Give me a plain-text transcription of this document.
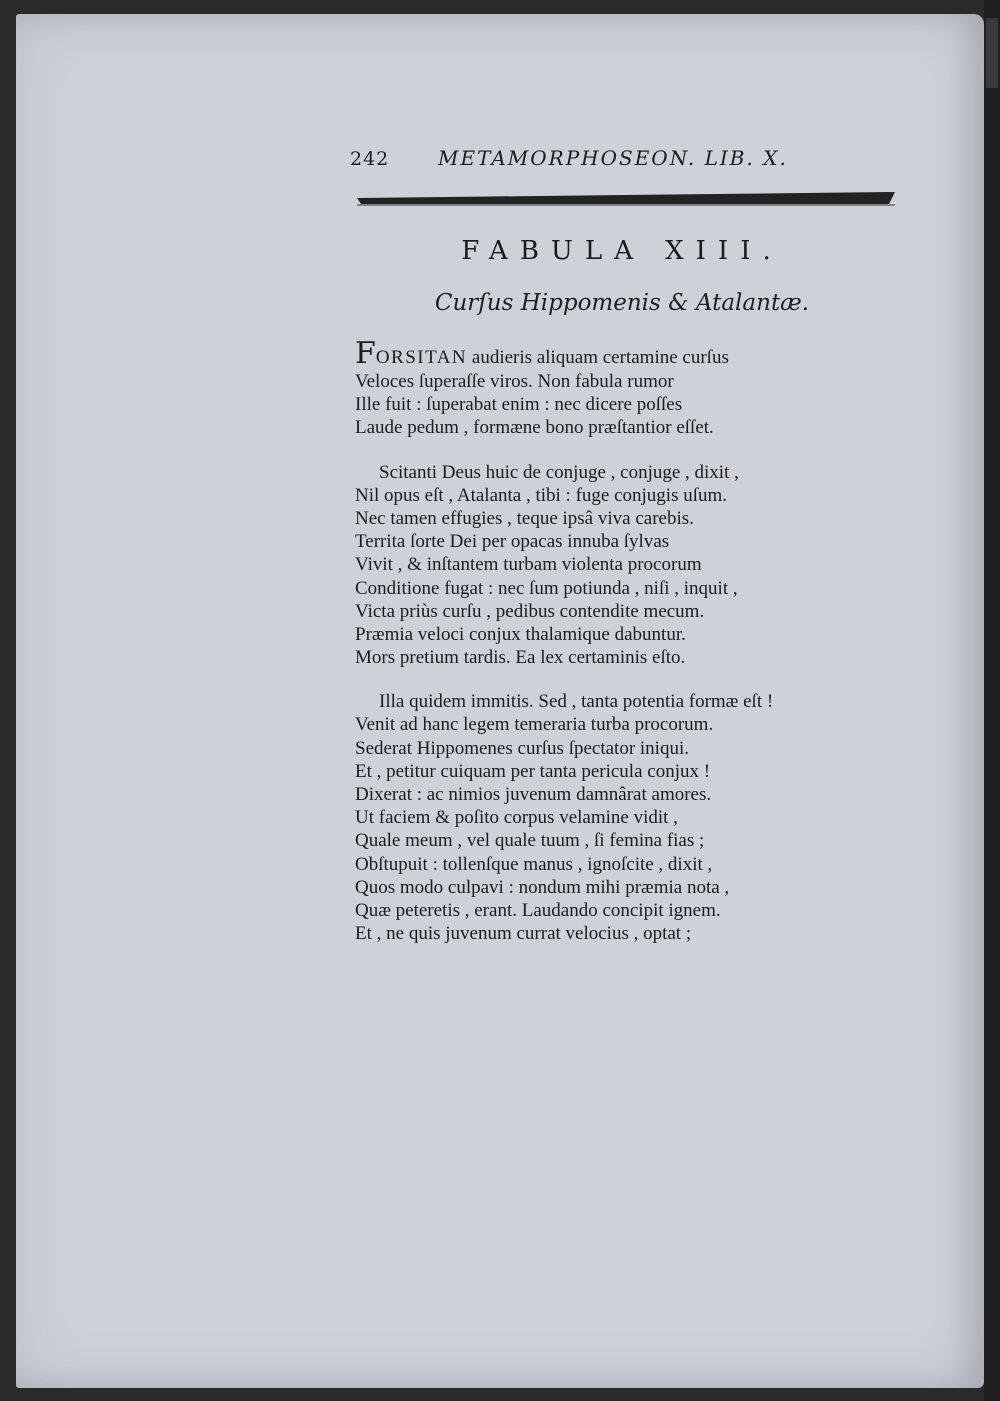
242 METAMORPHOSEON. LIB. X.
FABULA XIII.
Curſus Hippomenis & Atalantæ.
FORSITAN audieris aliquam certamine curſus
Veloces ſuperaſſe viros. Non fabula rumor
Ille fuit : ſuperabat enim : nec dicere poſſes
Laude pedum , formæne bono præſtantior eſſet.
Scitanti Deus huic de conjuge , conjuge , dixit ,
Nil opus eſt , Atalanta , tibi : fuge conjugis uſum.
Nec tamen effugies , teque ipsâ viva carebis.
Territa ſorte Dei per opacas innuba ſylvas
Vivit , & inſtantem turbam violenta procorum
Conditione fugat : nec ſum potiunda , niſi , inquit ,
Victa priùs curſu , pedibus contendite mecum.
Præmia veloci conjux thalamique dabuntur.
Mors pretium tardis. Ea lex certaminis eſto.
Illa quidem immitis. Sed , tanta potentia formæ eſt !
Venit ad hanc legem temeraria turba procorum.
Sederat Hippomenes curſus ſpectator iniqui.
Et , petitur cuiquam per tanta pericula conjux !
Dixerat : ac nimios juvenum damnârat amores.
Ut faciem & poſito corpus velamine vidit ,
Quale meum , vel quale tuum , ſi femina fias ;
Obſtupuit : tollenſque manus , ignoſcite , dixit ,
Quos modo culpavi : nondum mihi præmia nota ,
Quæ peteretis , erant. Laudando concipit ignem.
Et , ne quis juvenum currat velocius , optat ;
